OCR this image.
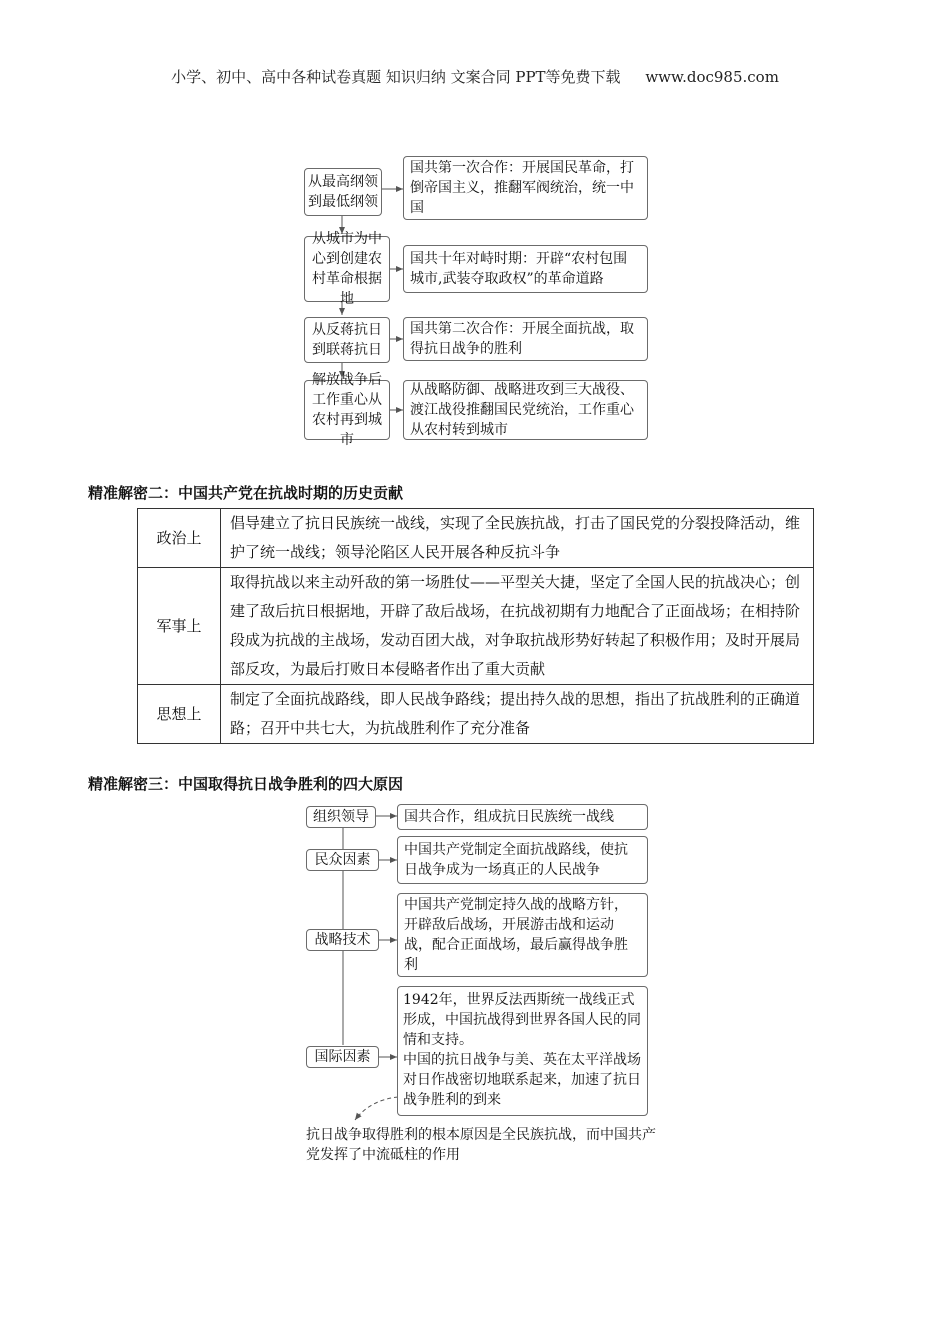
小学、初中、高中各种试卷真题 知识归纳 文案合同 PPT等免费下载 www.doc985.com
从最高纲领到最低纲领
国共第一次合作：开展国民革命，打倒帝国主义，推翻军阀统治，统一中国
从城市为中心到创建农村革命根据地
国共十年对峙时期：开辟“农村包围城市,武装夺取政权”的革命道路
从反蒋抗日到联蒋抗日
国共第二次合作：开展全面抗战，取得抗日战争的胜利
解放战争后工作重心从农村再到城市
从战略防御、战略进攻到三大战役、渡江战役推翻国民党统治，工作重心从农村转到城市
精准解密二：中国共产党在抗战时期的历史贡献
政治上	倡导建立了抗日民族统一战线，实现了全民族抗战，打击了国民党的分裂投降活动，维护了统一战线；领导沦陷区人民开展各种反抗斗争
军事上	取得抗战以来主动歼敌的第一场胜仗——平型关大捷，坚定了全国人民的抗战决心；创建了敌后抗日根据地，开辟了敌后战场，在抗战初期有力地配合了正面战场；在相持阶段成为抗战的主战场，发动百团大战，对争取抗战形势好转起了积极作用；及时开展局部反攻，为最后打败日本侵略者作出了重大贡献
思想上	制定了全面抗战路线，即人民战争路线；提出持久战的思想，指出了抗战胜利的正确道路；召开中共七大，为抗战胜利作了充分准备
精准解密三：中国取得抗日战争胜利的四大原因
组织领导	国共合作，组成抗日民族统一战线
民众因素
中国共产党制定全面抗战路线，使抗日战争成为一场真正的人民战争
战略技术
中国共产党制定持久战的战略方针，开辟敌后战场，开展游击战和运动战，配合正面战场，最后赢得战争胜利
国际因素
1942年，世界反法西斯统一战线正式形成，中国抗战得到世界各国人民的同情和支持。
中国的抗日战争与美、英在太平洋战场对日作战密切地联系起来，加速了抗日战争胜利的到来
抗日战争取得胜利的根本原因是全民族抗战，而中国共产党发挥了中流砥柱的作用
